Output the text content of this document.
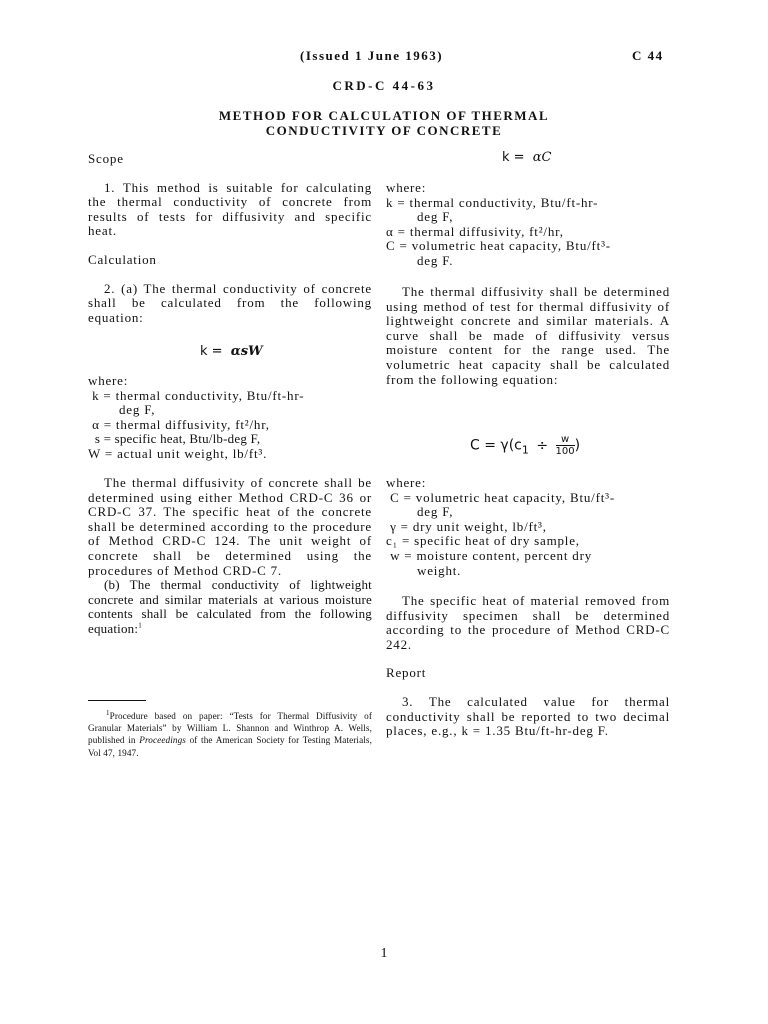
(Issued 1 June 1963)	C 44
CRD-C 44-63
METHOD FOR CALCULATION OF THERMAL
CONDUCTIVITY OF CONCRETE

Scope

1. This method is suitable for calculating the thermal conductivity of concrete from results of tests for diffusivity and specific heat.

Calculation

2. (a) The thermal conductivity of concrete shall be calculated from the following equation:

k = αsW
where:
k = thermal conductivity, Btu/ft-hr-
deg F,
α = thermal diffusivity, ft²/hr,
s = specific heat, Btu/lb-deg F,
W = actual unit weight, lb/ft³.

The thermal diffusivity of concrete shall be determined using either Method CRD-C 36 or CRD-C 37. The specific heat of the concrete shall be determined according to the procedure of Method CRD-C 124. The unit weight of concrete shall be determined using the procedures of Method CRD-C 7.

(b) The thermal conductivity of lightweight concrete and similar materials at various moisture contents shall be calculated from the following equation:$^1$

$^1$Procedure based on paper: “Tests for Thermal Diffusivity of Granular Materials” by William L. Shannon and Winthrop A. Wells, published in Proceedings of the American Society for Testing Materials, Vol 47, 1947.
k = αC
where:
k = thermal conductivity, Btu/ft-hr-
deg F,
α = thermal diffusivity, ft²/hr,
C = volumetric heat capacity, Btu/ft³-
deg F.

The thermal diffusivity shall be determined using method of test for thermal diffusivity of lightweight concrete and similar materials. A curve shall be made of diffusivity versus moisture content for the range used. The volumetric heat capacity shall be calculated from the following equation:

$C = \gamma(c_1 \div \frac{w}{100}$ )
where:
C = volumetric heat capacity, Btu/ft³-
deg F,
γ = dry unit weight, lb/ft³,
c₁ = specific heat of dry sample,
w = moisture content, percent dry
weight.

The specific heat of material removed from diffusivity specimen shall be determined according to the procedure of Method CRD-C 242.

Report

3. The calculated value for thermal conductivity shall be reported to two decimal places, e.g., k = 1.35 Btu/ft-hr-deg F.

1
